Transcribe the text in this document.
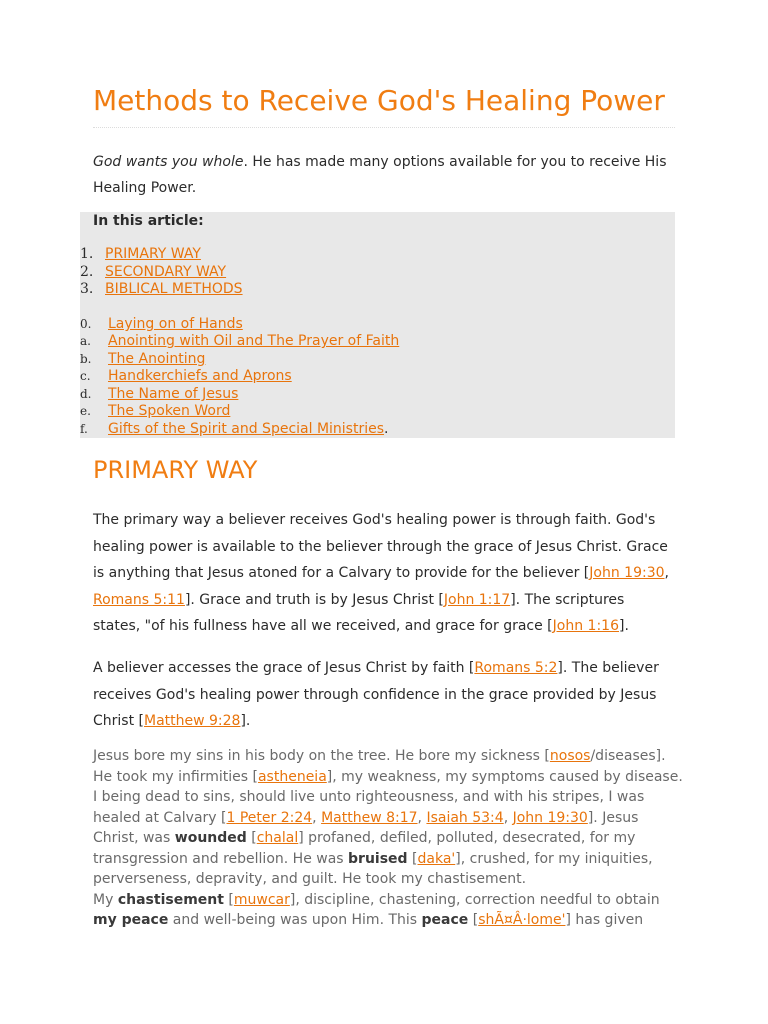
Methods to Receive God's Healing Power

God wants you whole. He has made many options available for you to receive His Healing Power.

In this article:
1. PRIMARY WAY
2. SECONDARY WAY
3. BIBLICAL METHODS
0. Laying on of Hands
a. Anointing with Oil and The Prayer of Faith
b. The Anointing
c. Handkerchiefs and Aprons
d. The Name of Jesus
e. The Spoken Word
f. Gifts of the Spirit and Special Ministries.
PRIMARY WAY

The primary way a believer receives God's healing power is through faith. God's healing power is available to the believer through the grace of Jesus Christ. Grace is anything that Jesus atoned for a Calvary to provide for the believer [John 19:30, Romans 5:11]. Grace and truth is by Jesus Christ [John 1:17]. The scriptures states, "of his fullness have all we received, and grace for grace [John 1:16].

A believer accesses the grace of Jesus Christ by faith [Romans 5:2]. The believer receives God's healing power through confidence in the grace provided by Jesus Christ [Matthew 9:28].

Jesus bore my sins in his body on the tree. He bore my sickness [nosos/diseases]. He took my infirmities [astheneia], my weakness, my symptoms caused by disease. I being dead to sins, should live unto righteousness, and with his stripes, I was healed at Calvary [1 Peter 2:24, Matthew 8:17, Isaiah 53:4, John 19:30]. Jesus Christ, was wounded [chalal] profaned, defiled, polluted, desecrated, for my transgression and rebellion. He was bruised [daka'], crushed, for my iniquities, perverseness, depravity, and guilt. He took my chastisement.
My chastisement [muwcar], discipline, chastening, correction needful to obtain my peace and well-being was upon Him. This peace [shÃ¤Â·lome'] has given
